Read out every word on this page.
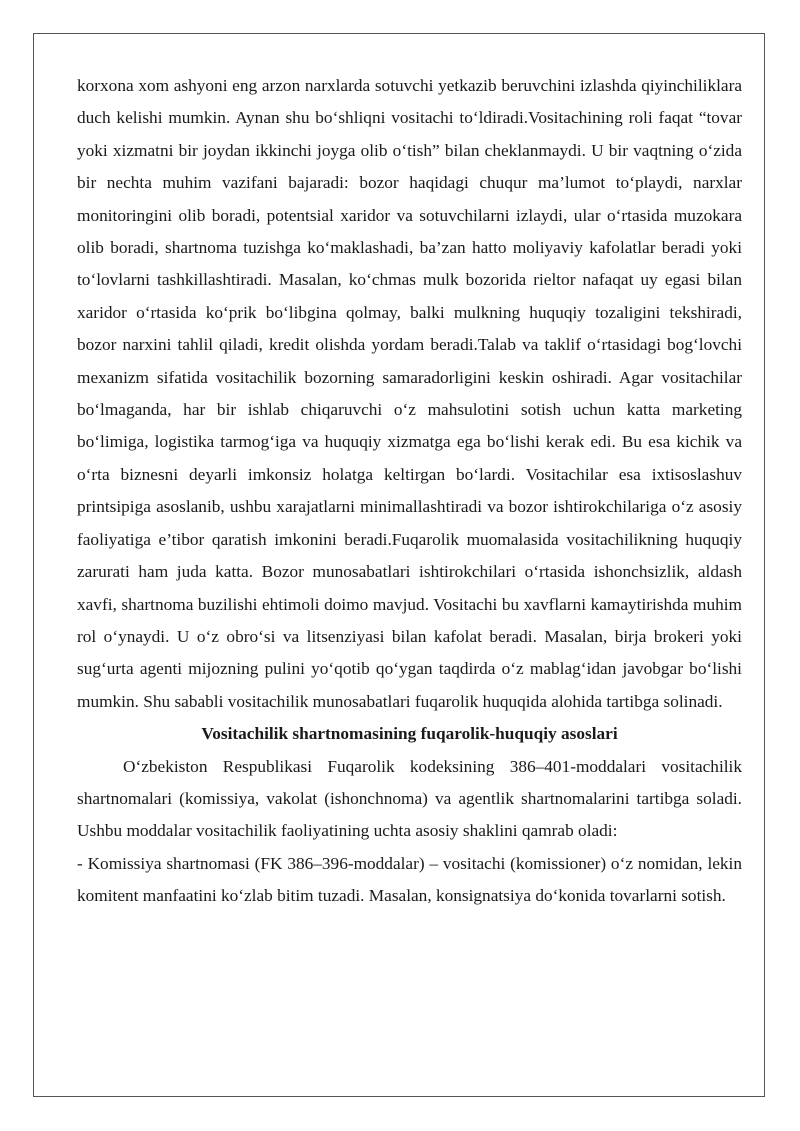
korxona xom ashyoni eng arzon narxlarda sotuvchi yetkazib beruvchini izlashda qiyinchiliklara duch kelishi mumkin. Aynan shu bo‘shliqni vositachi to‘ldiradi.Vositachining roli faqat “tovar yoki xizmatni bir joydan ikkinchi joyga olib o‘tish” bilan cheklanmaydi. U bir vaqtning o‘zida bir nechta muhim vazifani bajaradi: bozor haqidagi chuqur ma’lumot to‘playdi, narxlar monitoringini olib boradi, potentsial xaridor va sotuvchilarni izlaydi, ular o‘rtasida muzokara olib boradi, shartnoma tuzishga ko‘maklashadi, ba’zan hatto moliyaviy kafolatlar beradi yoki to‘lovlarni tashkillashtiradi. Masalan, ko‘chmas mulk bozorida rieltor nafaqat uy egasi bilan xaridor o‘rtasida ko‘prik bo‘libgina qolmay, balki mulkning huquqiy tozaligini tekshiradi, bozor narxini tahlil qiladi, kredit olishda yordam beradi.Talab va taklif o‘rtasidagi bog‘lovchi mexanizm sifatida vositachilik bozorning samaradorligini keskin oshiradi. Agar vositachilar bo‘lmaganda, har bir ishlab chiqaruvchi o‘z mahsulotini sotish uchun katta marketing bo‘limiga, logistika tarmog‘iga va huquqiy xizmatga ega bo‘lishi kerak edi. Bu esa kichik va o‘rta biznesni deyarli imkonsiz holatga keltirgan bo‘lardi. Vositachilar esa ixtisoslashuv printsipiga asoslanib, ushbu xarajatlarni minimallashtiradi va bozor ishtirokchilariga o‘z asosiy faoliyatiga e’tibor qaratish imkonini beradi.Fuqarolik muomalasida vositachilikning huquqiy zarurati ham juda katta. Bozor munosabatlari ishtirokchilari o‘rtasida ishonchsizlik, aldash xavfi, shartnoma buzilishi ehtimoli doimo mavjud. Vositachi bu xavflarni kamaytirishda muhim rol o‘ynaydi. U o‘z obro‘si va litsenziyasi bilan kafolat beradi. Masalan, birja brokeri yoki sug‘urta agenti mijozning pulini yo‘qotib qo‘ygan taqdirda o‘z mablag‘idan javobgar bo‘lishi mumkin. Shu sababli vositachilik munosabatlari fuqarolik huquqida alohida tartibga solinadi.

Vositachilik shartnomasining fuqarolik-huquqiy asoslari

O‘zbekiston Respublikasi Fuqarolik kodeksining 386–401-moddalari vositachilik shartnomalari (komissiya, vakolat (ishonchnoma) va agentlik shartnomalarini tartibga soladi. Ushbu moddalar vositachilik faoliyatining uchta asosiy shaklini qamrab oladi:

- Komissiya shartnomasi (FK 386–396-moddalar) – vositachi (komissioner) o‘z nomidan, lekin komitent manfaatini ko‘zlab bitim tuzadi. Masalan, konsignatsiya do‘konida tovarlarni sotish.
